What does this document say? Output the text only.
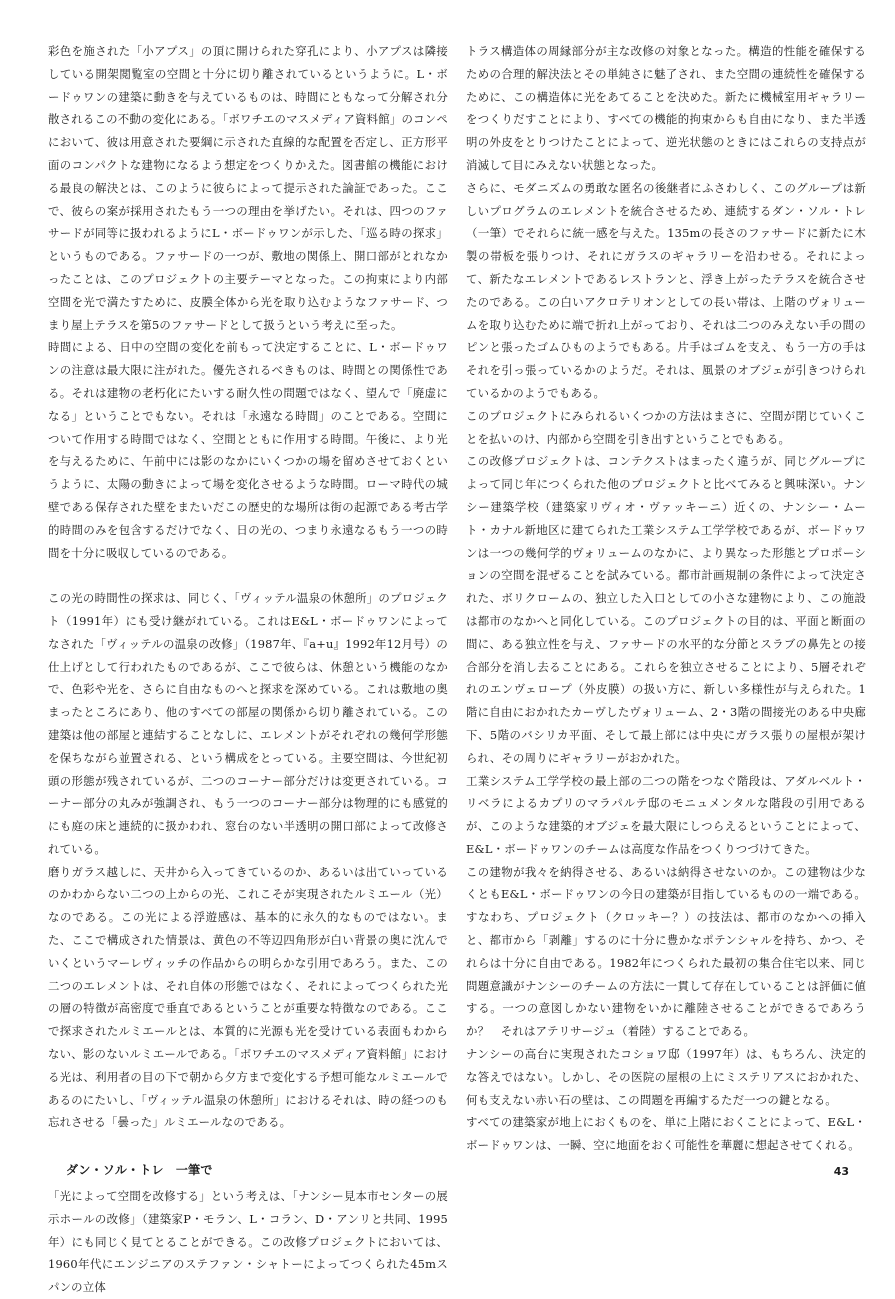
彩色を施された「小アプス」の頂に開けられた穿孔により、小アプスは隣接している開架閲覧室の空間と十分に切り離されているというように。L・ボードゥワンの建築に動きを与えているものは、時間にともなって分解され分散されるこの不動の変化にある。「ボワチエのマスメディア資料館」のコンペにおいて、彼は用意された要綱に示された直線的な配置を否定し、正方形平面のコンパクトな建物になるよう想定をつくりかえた。図書館の機能における最良の解決とは、このように彼らによって提示された論証であった。ここで、彼らの案が採用されたもう一つの理由を挙げたい。それは、四つのファサードが同等に扱われるようにL・ボードゥワンが示した、「巡る時の探求」というものである。ファサードの一つが、敷地の関係上、開口部がとれなかったことは、このプロジェクトの主要テーマとなった。この拘束により内部空間を光で満たすために、皮膜全体から光を取り込むようなファサード、つまり屋上テラスを第5のファサードとして扱うという考えに至った。

時間による、日中の空間の変化を前もって決定することに、L・ボードゥワンの注意は最大限に注がれた。優先されるべきものは、時間との関係性である。それは建物の老朽化にたいする耐久性の問題ではなく、望んで「廃虚になる」ということでもない。それは「永遠なる時間」のことである。空間について作用する時間ではなく、空間とともに作用する時間。午後に、より光を与えるために、午前中には影のなかにいくつかの場を留めさせておくというように、太陽の動きによって場を変化させるような時間。ローマ時代の城壁である保存された壁をまたいだこの歴史的な場所は街の起源である考古学的時間のみを包含するだけでなく、日の光の、つまり永遠なるもう一つの時間を十分に吸収しているのである。

この光の時間性の探求は、同じく、「ヴィッテル温泉の休憩所」のプロジェクト（1991年）にも受け継がれている。これはE&L・ボードゥワンによってなされた「ヴィッテルの温泉の改修」（1987年、『a+u』1992年12月号）の仕上げとして行われたものであるが、ここで彼らは、休憩という機能のなかで、色彩や光を、さらに自由なものへと探求を深めている。これは敷地の奥まったところにあり、他のすべての部屋の関係から切り離されている。この建築は他の部屋と連結することなしに、エレメントがそれぞれの幾何学形態を保ちながら並置される、という構成をとっている。主要空間は、今世紀初頭の形態が残されているが、二つのコーナー部分だけは変更されている。コーナー部分の丸みが強調され、もう一つのコーナー部分は物理的にも感覚的にも庭の床と連続的に扱かわれ、窓台のない半透明の開口部によって改修されている。

磨りガラス越しに、天井から入ってきているのか、あるいは出ていっているのかわからない二つの上からの光、これこそが実現されたルミエール（光）なのである。この光による浮遊感は、基本的に永久的なものではない。また、ここで構成された情景は、黄色の不等辺四角形が白い背景の奥に沈んでいくというマーレヴィッチの作品からの明らかな引用であろう。また、この二つのエレメントは、それ自体の形態ではなく、それによってつくられた光の層の特徴が高密度で垂直であるということが重要な特徴なのである。ここで探求されたルミエールとは、本質的に光源も光を受けている表面もわからない、影のないルミエールである。「ボワチエのマスメディア資料館」における光は、利用者の目の下で朝から夕方まで変化する予想可能なルミエールであるのにたいし、「ヴィッテル温泉の休憩所」におけるそれは、時の経つのも忘れさせる「曇った」ルミエールなのである。

ダン・ソル・トレ　一筆で

「光によって空間を改修する」という考えは、「ナンシー見本市センターの展示ホールの改修」（建築家P・モラン、L・コラン、D・アンリと共同、1995年）にも同じく見てとることができる。この改修プロジェクトにおいては、1960年代にエンジニアのステファン・シャトーによってつくられた45mスパンの立体

トラス構造体の周縁部分が主な改修の対象となった。構造的性能を確保するための合理的解決法とその単純さに魅了され、また空間の連続性を確保するために、この構造体に光をあてることを決めた。新たに機械室用ギャラリーをつくりだすことにより、すべての機能的拘束からも自由になり、また半透明の外皮をとりつけたことによって、逆光状態のときにはこれらの支持点が消滅して目にみえない状態となった。

さらに、モダニズムの勇敢な匿名の後継者にふさわしく、このグループは新しいプログラムのエレメントを統合させるため、連続するダン・ソル・トレ（一筆）でそれらに統一感を与えた。135mの長さのファサードに新たに木製の帯板を張りつけ、それにガラスのギャラリーを沿わせる。それによって、新たなエレメントであるレストランと、浮き上がったテラスを統合させたのである。この白いアクロテリオンとしての長い帯は、上階のヴォリュームを取り込むために端で折れ上がっており、それは二つのみえない手の間のピンと張ったゴムひものようでもある。片手はゴムを支え、もう一方の手はそれを引っ張っているかのようだ。それは、風景のオブジェが引きつけられているかのようでもある。

このプロジェクトにみられるいくつかの方法はまさに、空間が閉じていくことを払いのけ、内部から空間を引き出すということでもある。

この改修プロジェクトは、コンテクストはまったく違うが、同じグループによって同じ年につくられた他のプロジェクトと比べてみると興味深い。ナンシー建築学校（建築家リヴィオ・ヴァッキーニ）近くの、ナンシー・ムート・カナル新地区に建てられた工業システム工学学校であるが、ボードゥワンは一つの幾何学的ヴォリュームのなかに、より異なった形態とプロポーションの空間を混ぜることを試みている。都市計画規制の条件によって決定された、ボリクロームの、独立した入口としての小さな建物により、この施設は都市のなかへと同化している。このプロジェクトの目的は、平面と断面の間に、ある独立性を与え、ファサードの水平的な分節とスラブの鼻先との接合部分を消し去ることにある。これらを独立させることにより、5層それぞれのエンヴェロープ（外皮膜）の扱い方に、新しい多様性が与えられた。1階に自由におかれたカーヴしたヴォリューム、2・3階の間接光のある中央廊下、5階のバシリカ平面、そして最上部には中央にガラス張りの屋根が架けられ、その周りにギャラリーがおかれた。

工業システム工学学校の最上部の二つの階をつなぐ階段は、アダルベルト・リベラによるカプリのマラパルテ邸のモニュメンタルな階段の引用であるが、このような建築的オブジェを最大限にしつらえるということによって、E&L・ボードゥワンのチームは高度な作品をつくりつづけてきた。

この建物が我々を納得させる、あるいは納得させないのか。この建物は少なくともE&L・ボードゥワンの今日の建築が目指しているものの一端である。すなわち、プロジェクト（クロッキー？）の技法は、都市のなかへの挿入と、都市から「剥離」するのに十分に豊かなポテンシャルを持ち、かつ、それらは十分に自由である。1982年につくられた最初の集合住宅以来、同じ問題意識がナンシーのチームの方法に一貫して存在していることは評価に値する。一つの意図しかない建物をいかに離陸させることができるであろうか？　それはアテリサージュ（着陸）することである。

ナンシーの高台に実現されたコショワ邸（1997年）は、もちろん、決定的な答えではない。しかし、その医院の屋根の上にミステリアスにおかれた、何も支えない赤い石の壁は、この問題を再編するただ一つの鍵となる。

すべての建築家が地上におくものを、単に上階におくことによって、E&L・ボードゥワンは、一瞬、空に地面をおく可能性を華麗に想起させてくれる。

43
